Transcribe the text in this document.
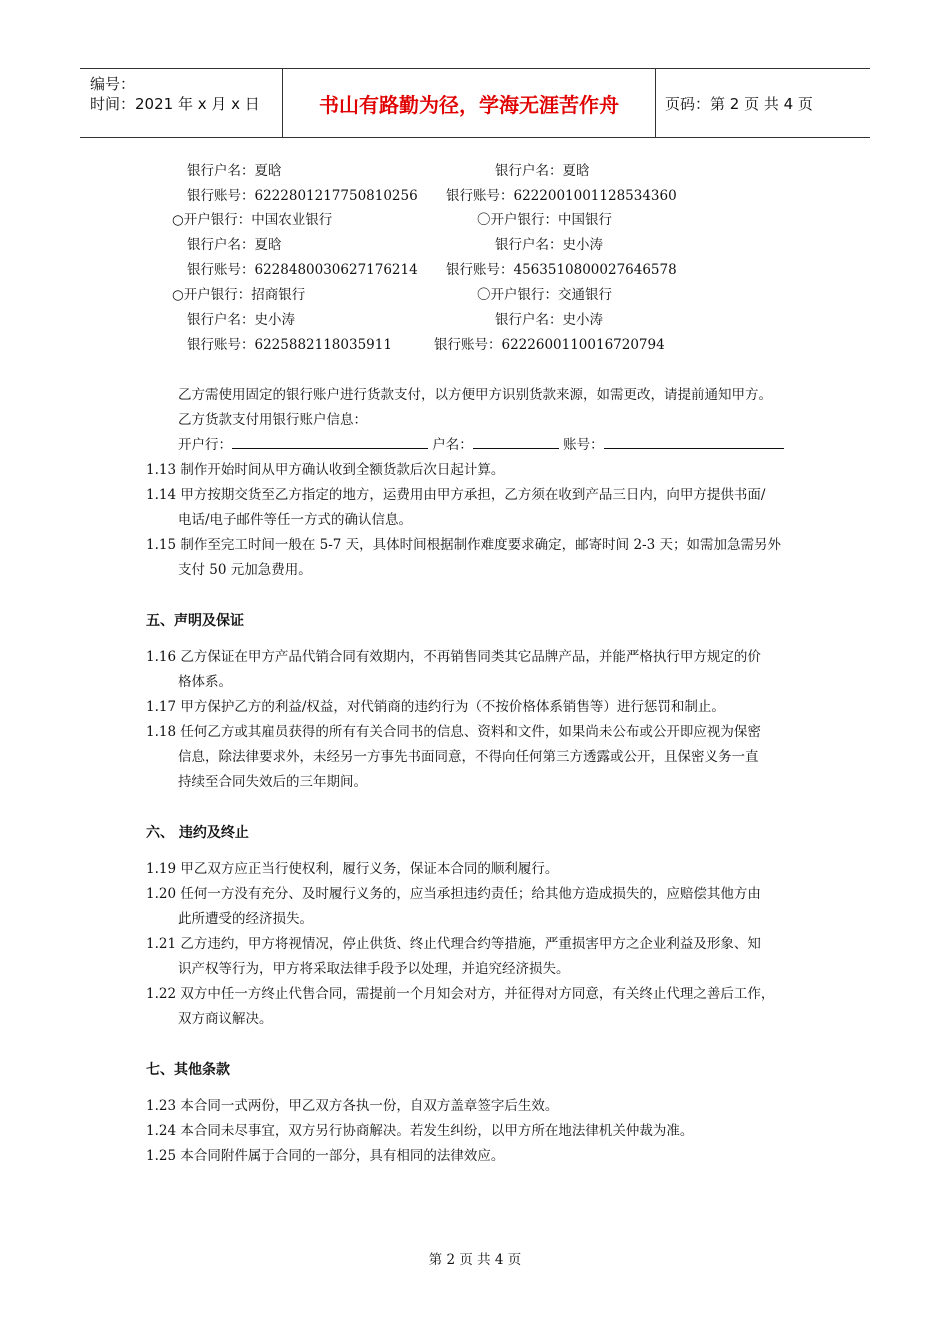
编号：
时间：2021 年 x 月 x 日	书山有路勤为径，学海无涯苦作舟	页码：第 2 页 共 4 页
银行户名：夏晗	银行户名：夏晗
银行账号：6222801217750810256 银行账号：6222001001128534360
○开户银行：中国农业银行	〇开户银行：中国银行
银行户名：夏晗	银行户名：史小涛
银行账号：6228480030627176214 银行账号：4563510800027646578
○开户银行：招商银行	〇开户银行：交通银行
银行户名：史小涛	银行户名：史小涛
银行账号：6225882118035911	银行账号：6222600110016720794
乙方需使用固定的银行账户进行货款支付，以方便甲方识别货款来源，如需更改，请提前通知甲方。
乙方货款支付用银行账户信息：
开户行：	户名：	账号：
1.13 制作开始时间从甲方确认收到全额货款后次日起计算。
1.14 甲方按期交货至乙方指定的地方，运费用由甲方承担，乙方须在收到产品三日内，向甲方提供书面/
电话/电子邮件等任一方式的确认信息。
1.15 制作至完工时间一般在 5-7 天，具体时间根据制作难度要求确定，邮寄时间 2-3 天；如需加急需另外
支付 50 元加急费用。
五、声明及保证
1.16 乙方保证在甲方产品代销合同有效期内，不再销售同类其它品牌产品，并能严格执行甲方规定的价
格体系。
1.17 甲方保护乙方的利益/权益，对代销商的违约行为（不按价格体系销售等）进行惩罚和制止。
1.18 任何乙方或其雇员获得的所有有关合同书的信息、资料和文件，如果尚未公布或公开即应视为保密
信息，除法律要求外，未经另一方事先书面同意，不得向任何第三方透露或公开，且保密义务一直
持续至合同失效后的三年期间。
六、 违约及终止
1.19 甲乙双方应正当行使权利，履行义务，保证本合同的顺利履行。
1.20 任何一方没有充分、及时履行义务的，应当承担违约责任；给其他方造成损失的，应赔偿其他方由
此所遭受的经济损失。
1.21 乙方违约，甲方将视情况，停止供货、终止代理合约等措施，严重损害甲方之企业利益及形象、知
识产权等行为，甲方将采取法律手段予以处理，并追究经济损失。
1.22 双方中任一方终止代售合同，需提前一个月知会对方，并征得对方同意，有关终止代理之善后工作，
双方商议解决。
七、其他条款
1.23 本合同一式两份，甲乙双方各执一份，自双方盖章签字后生效。
1.24 本合同未尽事宜，双方另行协商解决。若发生纠纷，以甲方所在地法律机关仲裁为准。
1.25 本合同附件属于合同的一部分，具有相同的法律效应。
第 2 页 共 4 页
